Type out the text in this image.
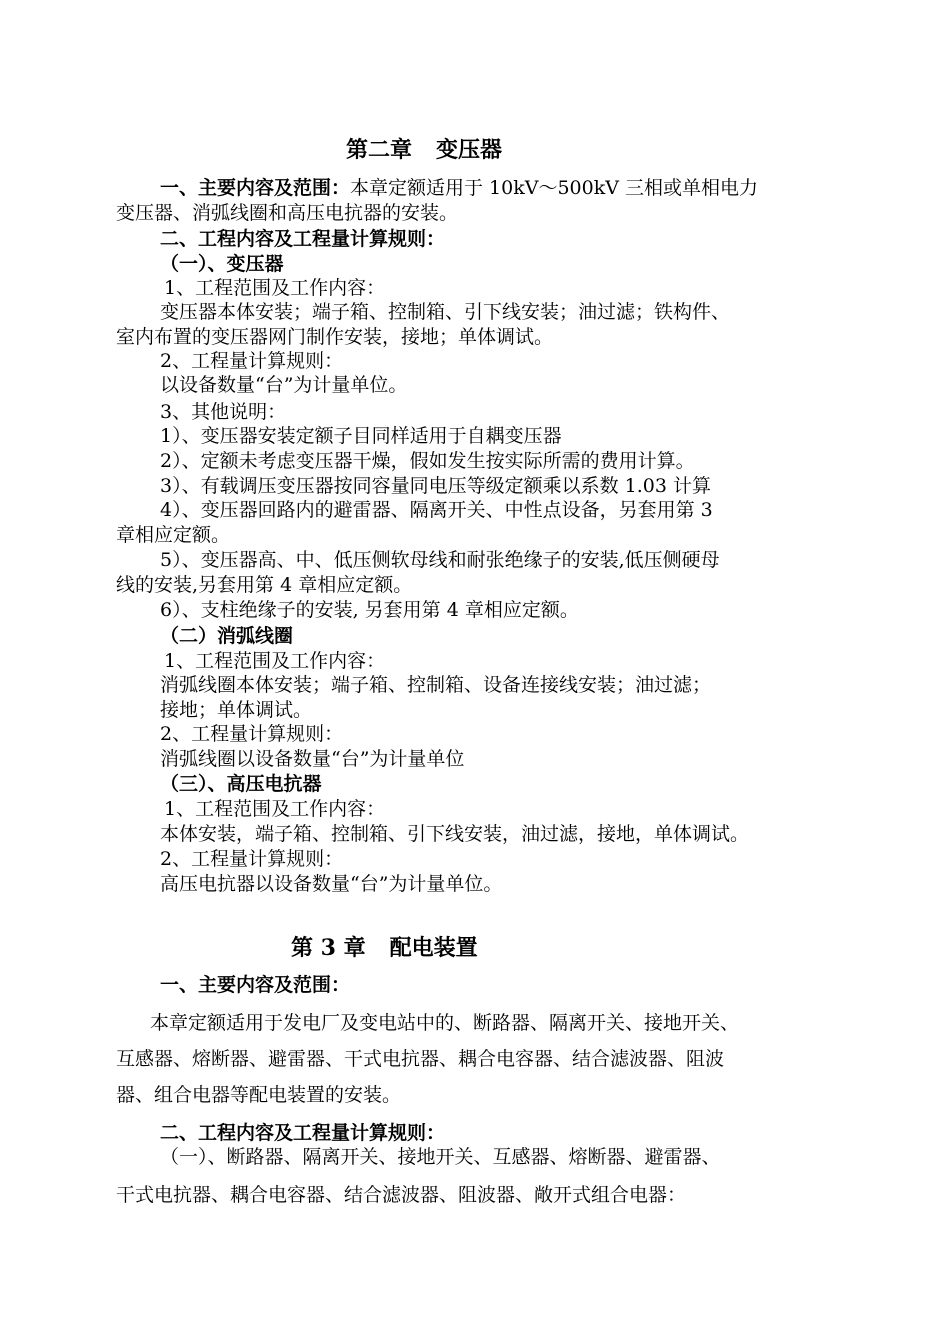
第二章 变压器
一、主要内容及范围：本章定额适用于 10kV～500kV 三相或单相电力
变压器、消弧线圈和高压电抗器的安装。
二、工程内容及工程量计算规则：
（一）、变压器
1、工程范围及工作内容：
变压器本体安装；端子箱、控制箱、引下线安装；油过滤；铁构件、
室内布置的变压器网门制作安装，接地；单体调试。
2、工程量计算规则：
以设备数量“台”为计量单位。
3、其他说明：
1）、变压器安装定额子目同样适用于自耦变压器
2）、定额未考虑变压器干燥，假如发生按实际所需的费用计算。
3）、有载调压变压器按同容量同电压等级定额乘以系数 1.03 计算
4）、变压器回路内的避雷器、隔离开关、中性点设备，另套用第 3
章相应定额。
5）、变压器高、中、低压侧软母线和耐张绝缘子的安装,低压侧硬母
线的安装,另套用第 4 章相应定额。
6）、支柱绝缘子的安装, 另套用第 4 章相应定额。
（二）消弧线圈
1、工程范围及工作内容：
消弧线圈本体安装；端子箱、控制箱、设备连接线安装；油过滤；
接地；单体调试。
2、工程量计算规则：
消弧线圈以设备数量“台”为计量单位
（三）、高压电抗器
1、工程范围及工作内容：
本体安装，端子箱、控制箱、引下线安装，油过滤，接地，单体调试。
2、工程量计算规则：
高压电抗器以设备数量“台”为计量单位。
第 3 章 配电装置
一、主要内容及范围：
本章定额适用于发电厂及变电站中的、断路器、隔离开关、接地开关、
互感器、熔断器、避雷器、干式电抗器、耦合电容器、结合滤波器、阻波
器、组合电器等配电装置的安装。
二、工程内容及工程量计算规则：
（一）、断路器、隔离开关、接地开关、互感器、熔断器、避雷器、
干式电抗器、耦合电容器、结合滤波器、阻波器、敞开式组合电器：
